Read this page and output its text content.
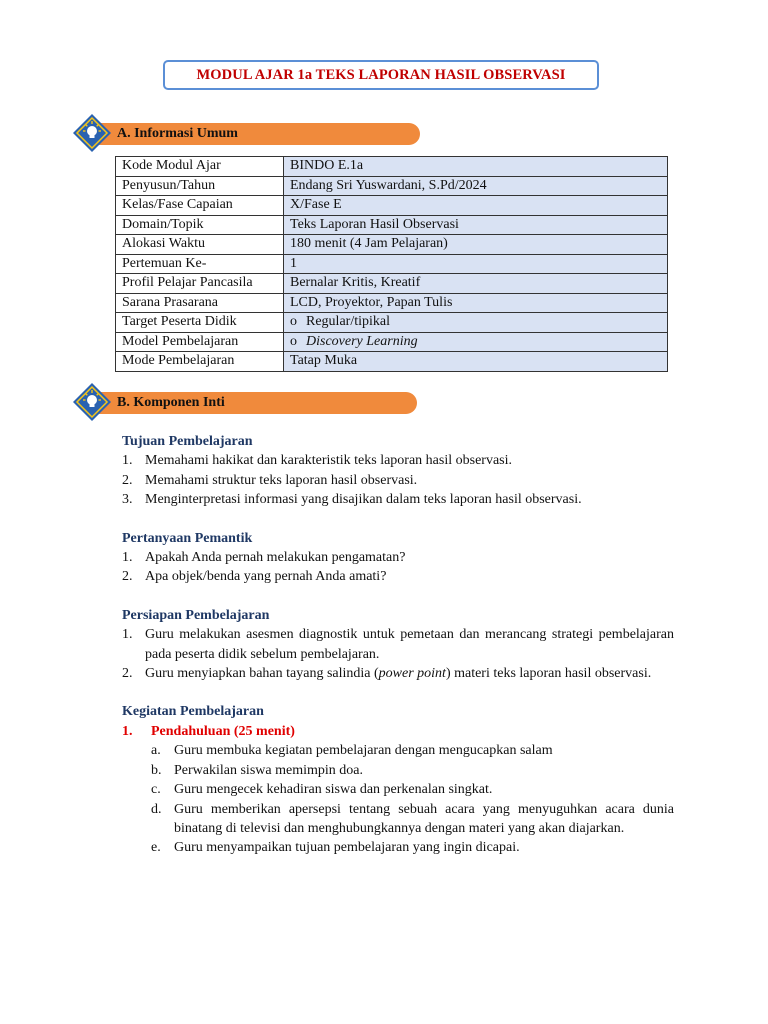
MODUL AJAR 1a TEKS LAPORAN HASIL OBSERVASI
A. Informasi Umum
Kode Modul Ajar	BINDO E.1a
Penyusun/Tahun	Endang Sri Yuswardani, S.Pd/2024
Kelas/Fase Capaian	X/Fase E
Domain/Topik	Teks Laporan Hasil Observasi
Alokasi Waktu	180 menit (4 Jam Pelajaran)
Pertemuan Ke-	1
Profil Pelajar Pancasila	Bernalar Kritis, Kreatif
Sarana Prasarana	LCD, Proyektor, Papan Tulis
Target Peserta Didik	o Regular/tipikal
Model Pembelajaran	o Discovery Learning
Mode Pembelajaran	Tatap Muka
B. Komponen Inti
Tujuan Pembelajaran
1. Memahami hakikat dan karakteristik teks laporan hasil observasi.
2. Memahami struktur teks laporan hasil observasi.
3. Menginterpretasi informasi yang disajikan dalam teks laporan hasil observasi.
Pertanyaan Pemantik
1. Apakah Anda pernah melakukan pengamatan?
2. Apa objek/benda yang pernah Anda amati?
Persiapan Pembelajaran
1. Guru melakukan asesmen diagnostik untuk pemetaan dan merancang strategi pembelajaran pada peserta didik sebelum pembelajaran.
2. Guru menyiapkan bahan tayang salindia (power point) materi teks laporan hasil observasi.
Kegiatan Pembelajaran
1.	Pendahuluan (25 menit)
a. Guru membuka kegiatan pembelajaran dengan mengucapkan salam
b. Perwakilan siswa memimpin doa.
c. Guru mengecek kehadiran siswa dan perkenalan singkat.
d. Guru memberikan apersepsi tentang sebuah acara yang menyuguhkan acara dunia binatang di televisi dan menghubungkannya dengan materi yang akan diajarkan.
e. Guru menyampaikan tujuan pembelajaran yang ingin dicapai.
